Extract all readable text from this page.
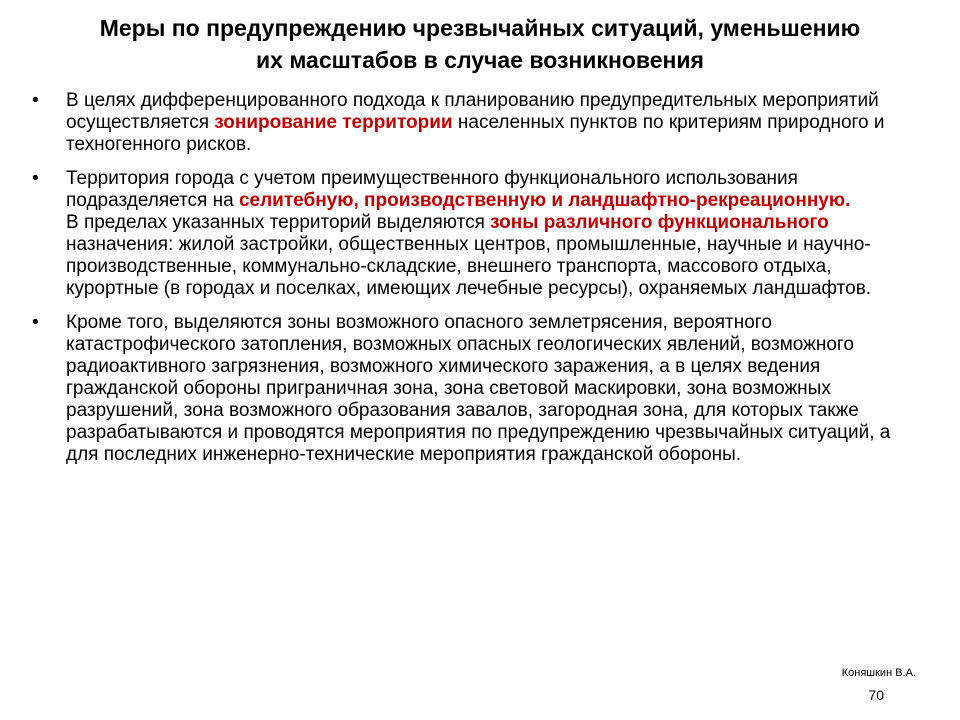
Меры по предупреждению чрезвычайных ситуаций, уменьшению
их масштабов в случае возникновения
• В целях дифференцированного подхода к планированию предупредительных мероприятий осуществляется зонирование территории населенных пунктов по критериям природного и техногенного рисков.
• Территория города с учетом преимущественного функционального использования подразделяется на селитебную, производственную и ландшафтно-рекреационную.
В пределах указанных территорий выделяются зоны различного функционального назначения: жилой застройки, общественных центров, промышленные, научные и научно-производственные, коммунально-складские, внешнего транспорта, массового отдыха, курортные (в городах и поселках, имеющих лечебные ресурсы), охраняемых ландшафтов.
• Кроме того, выделяются зоны возможного опасного землетрясения, вероятного катастрофического затопления, возможных опасных геологических явлений, возможного радиоактивного загрязнения, возможного химического заражения, а в целях ведения гражданской обороны приграничная зона, зона световой маскировки, зона возможных разрушений, зона возможного образования завалов, загородная зона, для которых также разрабатываются и проводятся мероприятия по предупреждению чрезвычайных ситуаций, а для последних инженерно-технические мероприятия гражданской обороны.
Коняшкин В.А.
70
